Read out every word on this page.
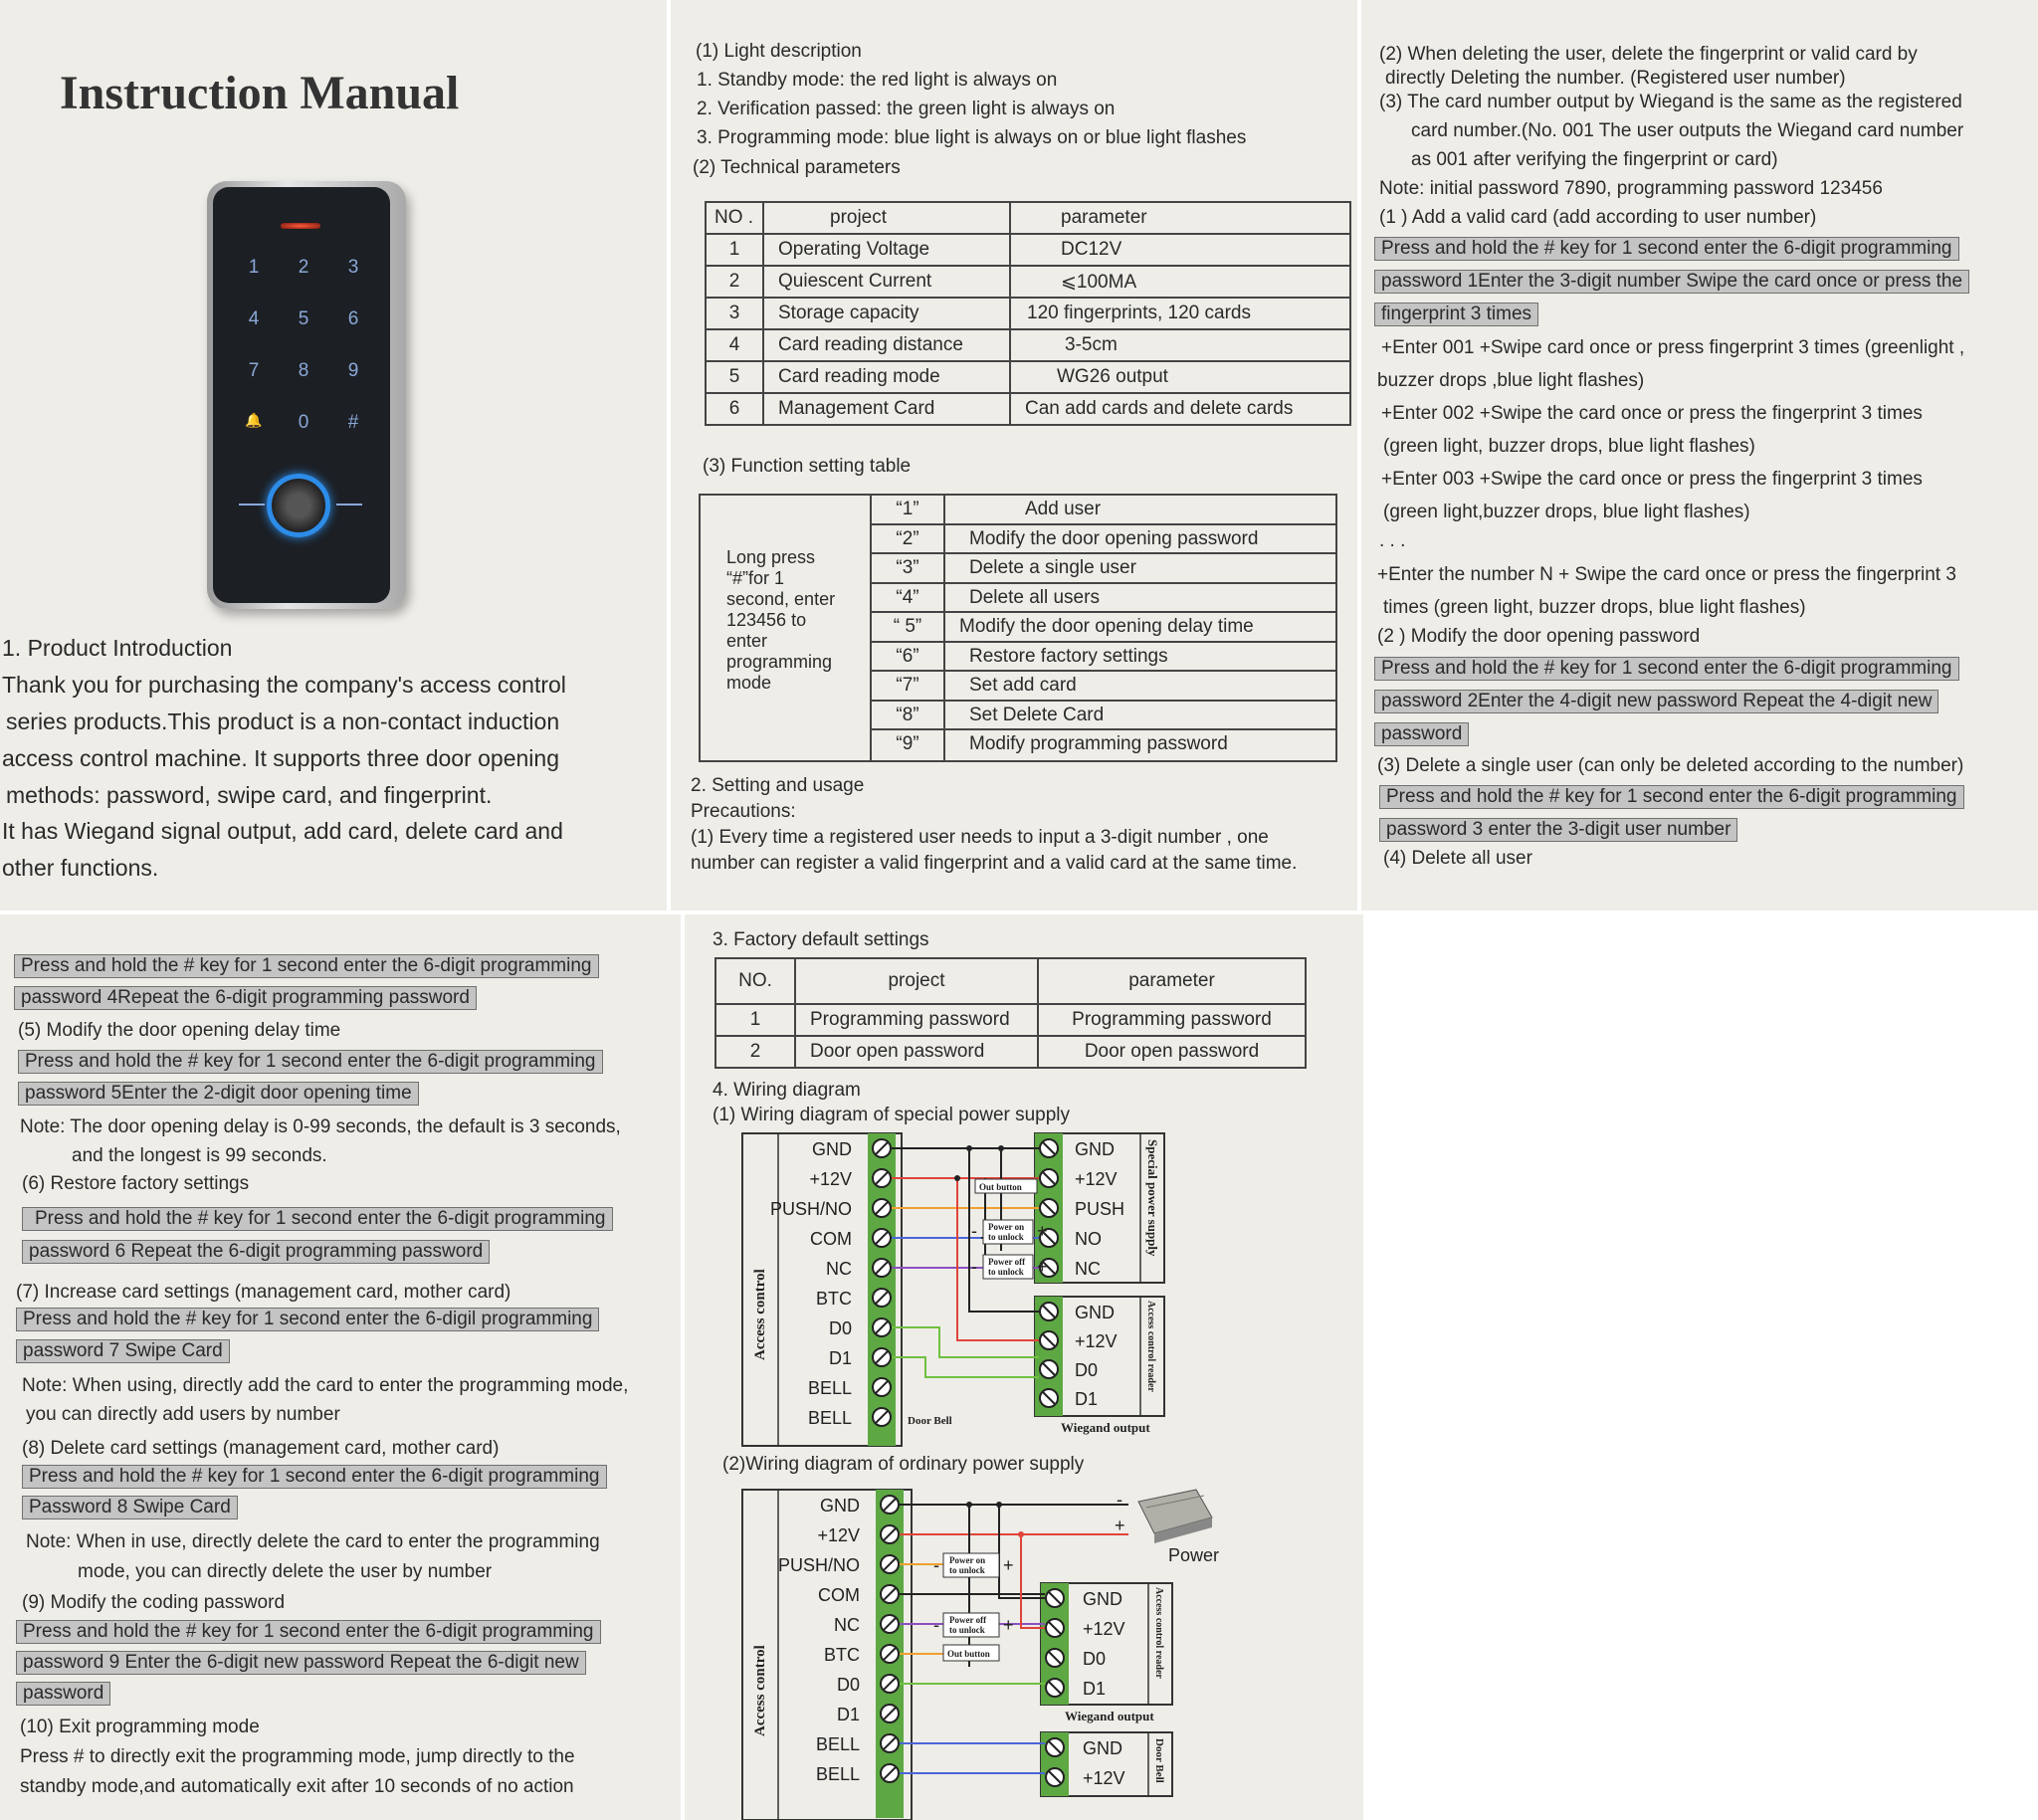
Instruction Manual
1	2	3
4	5	6
7	8	9
🔔	0	#
1. Product Introduction
Thank you for purchasing the company's access control
series products.This product is a non-contact induction
access control machine. It supports three door opening
methods: password, swipe card, and fingerprint.
It has Wiegand signal output, add card, delete card and
other functions.
(1) Light description
1. Standby mode: the red light is always on
2. Verification passed: the green light is always on
3. Programming mode: blue light is always on or blue light flashes
(2) Technical parameters
NO .	project	parameter
1	Operating Voltage	DC12V
2	Quiescent Current	⩽100MA
3	Storage capacity	120 fingerprints, 120 cards
4	Card reading distance	3-5cm
5	Card reading mode	WG26 output
6	Management Card	Can add cards and delete cards
(3) Function setting table
Long press
“#”for 1
second, enter
123456 to
enter
programming
mode
“1”	Add user
“2”	Modify the door opening password
“3”	Delete a single user
“4”	Delete all users
“ 5”	Modify the door opening delay time
“6”	Restore factory settings
“7”	Set add card
“8”	Set Delete Card
“9”	Modify programming password
2. Setting and usage
Precautions:
(1) Every time a registered user needs to input a 3-digit number , one
number can register a valid fingerprint and a valid card at the same time.
(2) When deleting the user, delete the fingerprint or valid card by
directly Deleting the number. (Registered user number)
(3) The card number output by Wiegand is the same as the registered
card number.(No. 001 The user outputs the Wiegand card number
as 001 after verifying the fingerprint or card)
Note: initial password 7890, programming password 123456
(1 ) Add a valid card (add according to user number)
Press and hold the # key for 1 second enter the 6-digit programming
password 1Enter the 3-digit number Swipe the card once or press the
fingerprint 3 times
+Enter 001 +Swipe card once or press fingerprint 3 times (greenlight ,
buzzer drops ,blue light flashes)
+Enter 002 +Swipe the card once or press the fingerprint 3 times
(green light, buzzer drops, blue light flashes)
+Enter 003 +Swipe the card once or press the fingerprint 3 times
(green light,buzzer drops, blue light flashes)
. . .
+Enter the number N + Swipe the card once or press the fingerprint 3
times (green light, buzzer drops, blue light flashes)
(2 ) Modify the door opening password
Press and hold the # key for 1 second enter the 6-digit programming
password 2Enter the 4-digit new password Repeat the 4-digit new
password
(3) Delete a single user (can only be deleted according to the number)
Press and hold the # key for 1 second enter the 6-digit programming
password 3 enter the 3-digit user number
(4) Delete all user
Press and hold the # key for 1 second enter the 6-digit programming
password 4Repeat the 6-digit programming password
(5) Modify the door opening delay time
Press and hold the # key for 1 second enter the 6-digit programming
password 5Enter the 2-digit door opening time
Note: The door opening delay is 0-99 seconds, the default is 3 seconds,
and the longest is 99 seconds.
(6) Restore factory settings
Press and hold the # key for 1 second enter the 6-digit programming
password 6 Repeat the 6-digit programming password
(7) Increase card settings (management card, mother card)
Press and hold the # key for 1 second enter the 6-digil programming
password 7 Swipe Card
Note: When using, directly add the card to enter the programming mode,
you can directly add users by number
(8) Delete card settings (management card, mother card)
Press and hold the # key for 1 second enter the 6-digit programming
Password 8 Swipe Card
Note: When in use, directly delete the card to enter the programming
mode, you can directly delete the user by number
(9) Modify the coding password
Press and hold the # key for 1 second enter the 6-digit programming
password 9 Enter the 6-digit new password Repeat the 6-digit new
password
(10) Exit programming mode
Press # to directly exit the programming mode, jump directly to the
standby mode,and automatically exit after 10 seconds of no action
3. Factory default settings
NO.	project	parameter
1	Programming password	Programming password
2	Door open password	Door open password
4. Wiring diagram
(1) Wiring diagram of special power supply
Access control
GND
+12V
PUSH/NO
COM
NC
BTC
D0
D1
BELL
BELL	Door Bell
GND
+12V
PUSH
NO
NC
Special power supply
GND
+12V
D0
D1
Access control reader
Wiegand output
Out button
Power on
to unlock
Power off
to unlock
-	+
-	+
(2)Wiring diagram of ordinary power supply
Access control
GND
+12V
PUSH/NO
COM
NC
BTC
D0
D1
BELL
BELL
Power
-
+
GND
+12V
D0
D1
Access control reader
Wiegand output
GND
+12V	Door Bell
Power on
to unlock
Power off
to unlock
Out button
-	+
-	+
